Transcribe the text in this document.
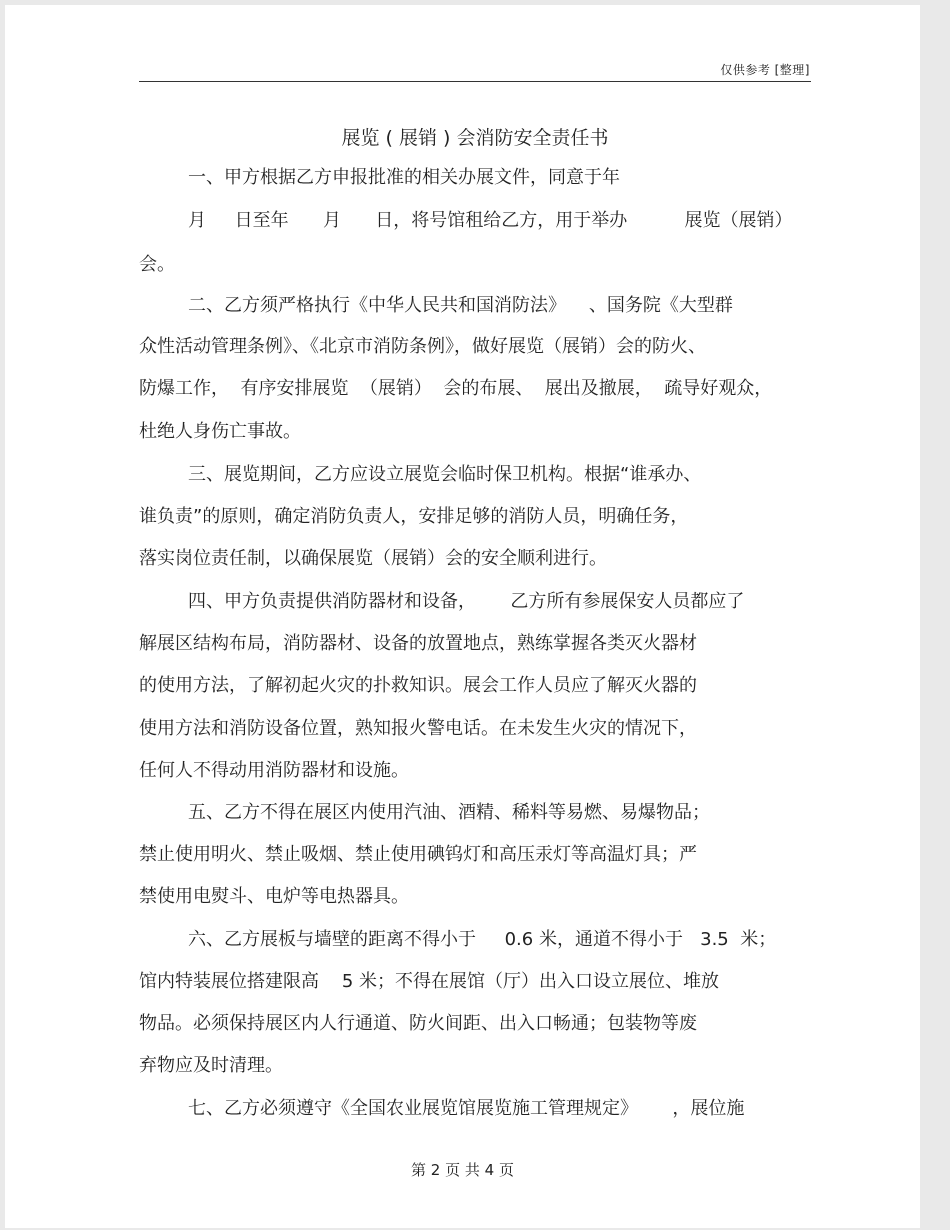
仅供参考 [整理]
展览 ( 展销 ) 会消防安全责任书
一、甲方根据乙方申报批准的相关办展文件，同意于年
月     日至年      月      日，将号馆租给乙方，用于举办          展览（展销）
会。
二、乙方须严格执行《中华人民共和国消防法》    、国务院《大型群
众性活动管理条例》、《北京市消防条例》，做好展览（展销）会的防火、
防爆工作，  有序安排展览  （展销）  会的布展、  展出及撤展，  疏导好观众，
杜绝人身伤亡事故。
三、展览期间，乙方应设立展览会临时保卫机构。根据“谁承办、
谁负责”的原则，确定消防负责人，安排足够的消防人员，明确任务，
落实岗位责任制，以确保展览（展销）会的安全顺利进行。
四、甲方负责提供消防器材和设备，      乙方所有参展保安人员都应了
解展区结构布局，消防器材、设备的放置地点，熟练掌握各类灭火器材
的使用方法，了解初起火灾的扑救知识。展会工作人员应了解灭火器的
使用方法和消防设备位置，熟知报火警电话。在未发生火灾的情况下，
任何人不得动用消防器材和设施。
五、乙方不得在展区内使用汽油、酒精、稀料等易燃、易爆物品；
禁止使用明火、禁止吸烟、禁止使用碘钨灯和高压汞灯等高温灯具；严
禁使用电熨斗、电炉等电热器具。
六、乙方展板与墙壁的距离不得小于     0.6 米，通道不得小于   3.5  米；
馆内特装展位搭建限高    5 米；不得在展馆（厅）出入口设立展位、堆放
物品。必须保持展区内人行通道、防火间距、出入口畅通；包装物等废
弃物应及时清理。
七、乙方必须遵守《全国农业展览馆展览施工管理规定》      ，展位施
第 2 页 共 4 页
